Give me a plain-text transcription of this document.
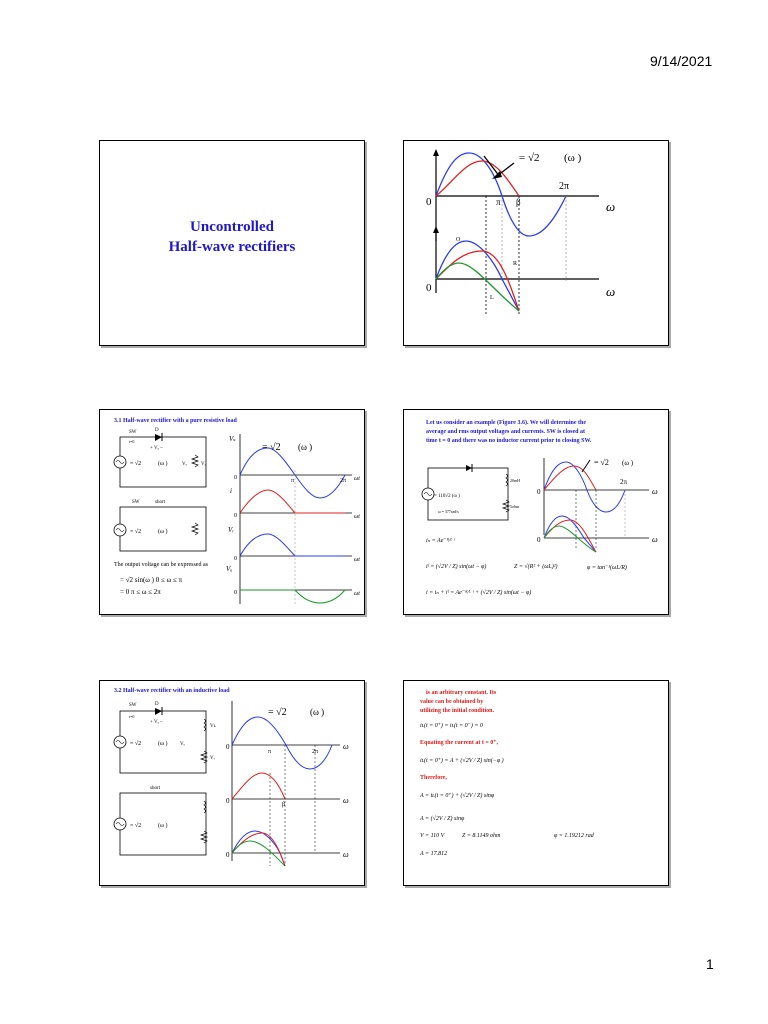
9/14/2021
1
Uncontrolled
Half-wave rectifiers
= √2 (ω )
2π
π β
0	ω
O
R
L
0	ω
3.1 Half-wave rectifier with a pure resistive load
SW	D
t=0
+ Vₐ –
= √2	(ω )	Vₒ	Vᵣ
SW	short
= √2	(ω )
= √2 (ω )
π	2π ωt
ωt
ωt
ωt
0
0
0
0
Vₛ
i
Vᵣ
Vₐ
The output voltage can be expressed as
= √2 sin(ω ) 0 ≤ ω ≤ π
= 0 π ≤ ω ≤ 2π
Let us consider an example (Figure 3.6). We will determine the
average and rms output voltages and currents. SW is closed at
time t = 0 and there was no inductor current prior to closing SW.
= 110√2 (ω )
ω = 377rad/s
20mH
5ohm
= √2 (ω )
2π
0
0
ω
ω
iₙ = Ae⁻ᴿ⁄ᴸ ᵗ
iᶠ = (√2V / Z) sin(ωt − φ)	Z = √(R² + (ωL)²)	φ = tan⁻¹(ωL/R)
i = iₙ + iᶠ = Ae⁻ᴿ⁄ᴸ ᵗ + (√2V / Z) sin(ωt − φ)
3.2 Half-wave rectifier with an inductive load
SW	D
t=0
+ Vₐ –
= √2	(ω )	Vₒ
Vʟ
Vᵣ
short
= √2	(ω )
= √2	(ω )
π	2π
β
0
0
0
ω
ω
ω
is an arbitrary constant. Its
value can be obtained by
utilizing the initial condition.
iʟ(t = 0⁺) = iʟ(t = 0⁻) = 0
Equating the current at t = 0⁺,
iʟ(t = 0⁺) = A + (√2V / Z) sin(−φ )
Therefore,
A = iʟ(t = 0⁺) + (√2V / Z) sinφ
A = (√2V / Z) sinφ
V = 110 V	Z = 8.1149 ohm	φ = 1.19212 rad
A = 17.812
